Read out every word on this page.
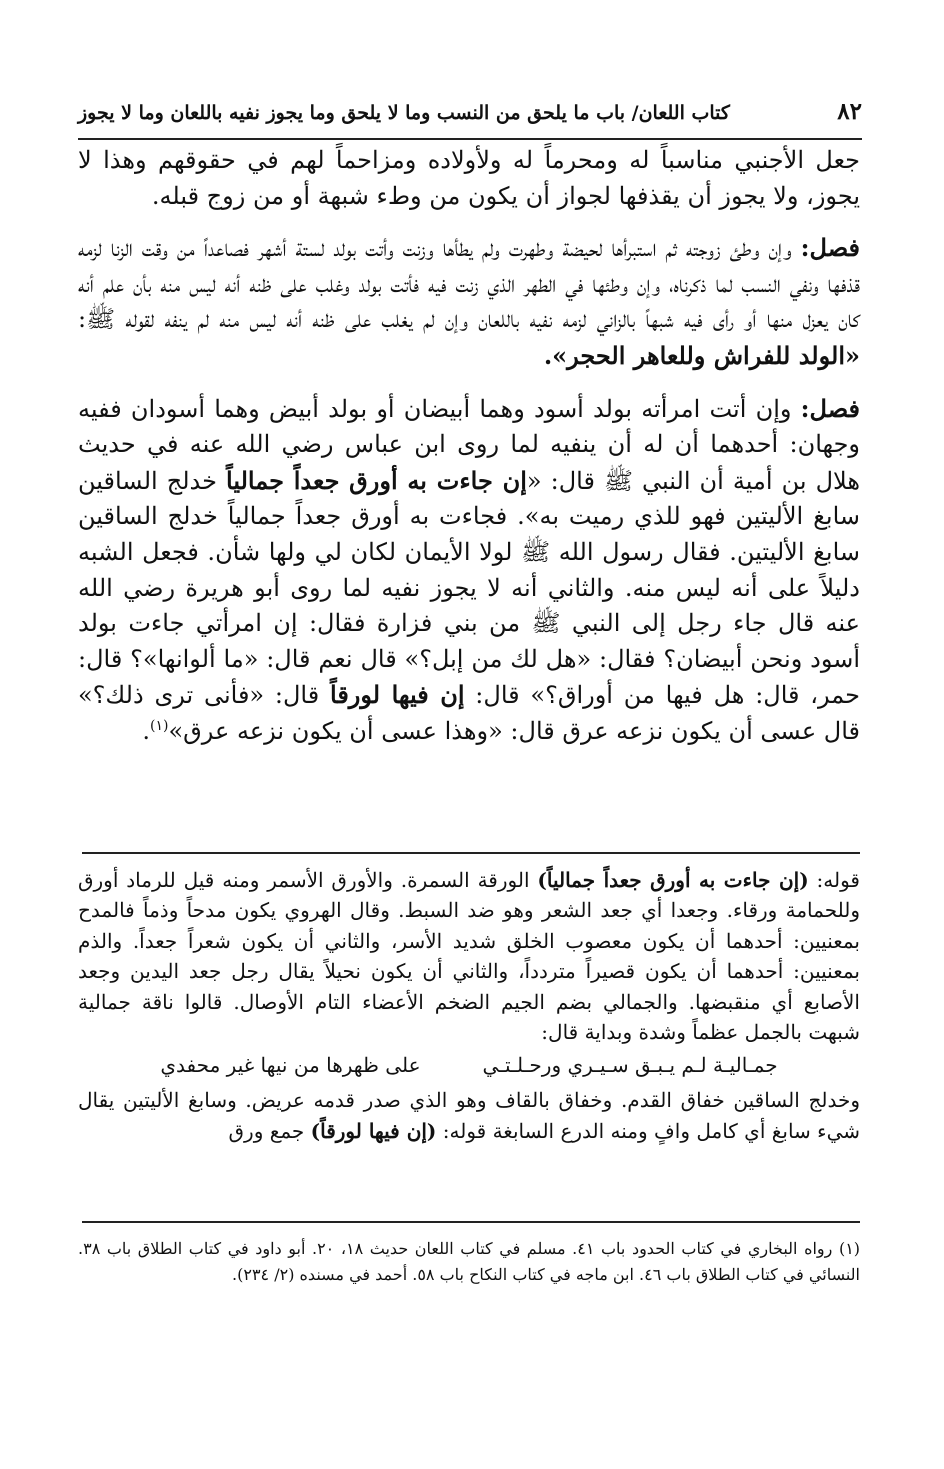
٨٢
كتاب اللعان/ باب ما يلحق من النسب وما لا يلحق وما يجوز نفيه باللعان وما لا يجوز

جعل الأجنبي مناسباً له ومحرماً له ولأولاده ومزاحماً لهم في حقوقهم وهذا لا يجوز، ولا يجوز أن يقذفها لجواز أن يكون من وطء شبهة أو من زوج قبله.

فصل: وإن وطئ زوجته ثم استبرأها لحيضة وطهرت ولم يطأها وزنت وأتت بولد لستة أشهر فصاعداً من وقت الزنا لزمه قذفها ونفي النسب لما ذكرناه، وإن وطئها في الطهر الذي زنت فيه فأتت بولد وغلب على ظنه أنه ليس منه بأن علم أنه كان يعزل منها أو رأى فيه شبهاً بالزاني لزمه نفيه باللعان وإن لم يغلب على ظنه أنه ليس منه لم ينفه لقوله ﷺ: «الولد للفراش وللعاهر الحجر».

فصل: وإن أتت امرأته بولد أسود وهما أبيضان أو بولد أبيض وهما أسودان ففيه وجهان: أحدهما أن له أن ينفيه لما روى ابن عباس رضي الله عنه في حديث هلال بن أمية أن النبي ﷺ قال: «إن جاءت به أورق جعداً جمالياً خدلج الساقين سابغ الأليتين فهو للذي رميت به». فجاءت به أورق جعداً جمالياً خدلج الساقين سابغ الأليتين. فقال رسول الله ﷺ لولا الأيمان لكان لي ولها شأن. فجعل الشبه دليلاً على أنه ليس منه. والثاني أنه لا يجوز نفيه لما روى أبو هريرة رضي الله عنه قال جاء رجل إلى النبي ﷺ من بني فزارة فقال: إن امرأتي جاءت بولد أسود ونحن أبيضان؟ فقال: «هل لك من إبل؟» قال نعم قال: «ما ألوانها»؟ قال: حمر، قال: هل فيها من أوراق؟» قال: إن فيها لورقاً قال: «فأنى ترى ذلك؟» قال عسى أن يكون نزعه عرق قال: «وهذا عسى أن يكون نزعه عرق»$^{(١)}$.

قوله: (إن جاءت به أورق جعداً جمالياً) الورقة السمرة. والأورق الأسمر ومنه قيل للرماد أورق وللحمامة ورقاء. وجعدا أي جعد الشعر وهو ضد السبط. وقال الهروي يكون مدحاً وذماً فالمدح بمعنيين: أحدهما أن يكون معصوب الخلق شديد الأسر، والثاني أن يكون شعراً جعداً. والذم بمعنيين: أحدهما أن يكون قصيراً متردداً، والثاني أن يكون نحيلاً يقال رجل جعد اليدين وجعد الأصابع أي منقبضها. والجمالي بضم الجيم الضخم الأعضاء التام الأوصال. قالوا ناقة جمالية شبهت بالجمل عظماً وشدة وبداية قال:

جمـاليـة لـم يـبـق سـيـري ورحـلـتـي
على ظهرها من نيها غير محفدي

وخدلج الساقين خفاق القدم. وخفاق بالقاف وهو الذي صدر قدمه عريض. وسابغ الأليتين يقال شيء سابغ أي كامل وافٍ ومنه الدرع السابغة قوله: (إن فيها لورقاً) جمع ورق

(١) رواه البخاري في كتاب الحدود باب ٤١. مسلم في كتاب اللعان حديث ١٨، ٢٠. أبو داود في كتاب الطلاق باب ٣٨. النسائي في كتاب الطلاق باب ٤٦. ابن ماجه في كتاب النكاح باب ٥٨. أحمد في مسنده (٢/ ٢٣٤).
